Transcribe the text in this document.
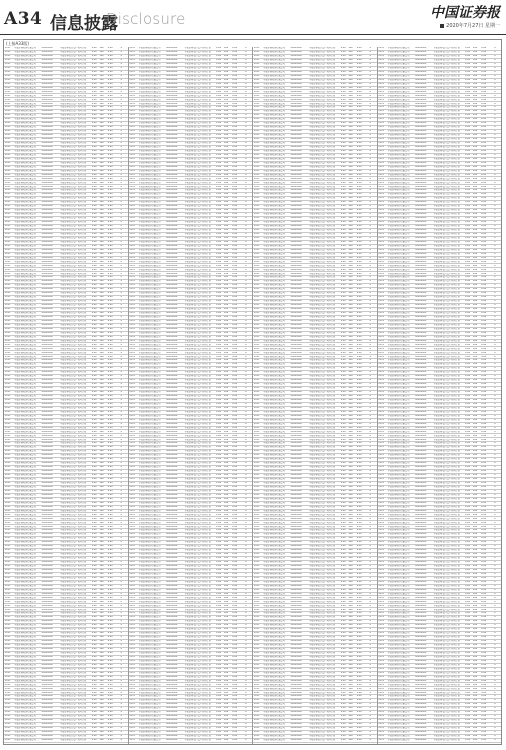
A34 信息披露
Disclosure	中国证券报
2020年7月27日 星期一
(上接A33版)
0001	华安证券股份有限公司	00000000	华安证券集合资产管理计划	2.26	100	0.00	0
0001	华安证券股份有限公司	00000000	华安证券集合资产管理计划	2.26	100	0.00	0
0001	华安证券股份有限公司	00000000	华安证券集合资产管理计划	2.26	100	0.00	0
0001	华安证券股份有限公司	00000000	华安证券集合资产管理计划	2.26	100	0.00	0
0001	华安证券股份有限公司	00000000	华安证券集合资产管理计划	2.26	100	0.00	0
0001	华安证券股份有限公司	00000000	华安证券集合资产管理计划	2.26	100	0.00	0
0001	华安证券股份有限公司	00000000	华安证券集合资产管理计划	2.26	100	0.00	0
0001	华安证券股份有限公司	00000000	华安证券集合资产管理计划	2.26	100	0.00	0
0001	华安证券股份有限公司	00000000	华安证券集合资产管理计划	2.26	100	0.00	0
0001	华安证券股份有限公司	00000000	华安证券集合资产管理计划	2.26	100	0.00	0
0001	华安证券股份有限公司	00000000	华安证券集合资产管理计划	2.26	100	0.00	0
0001	华安证券股份有限公司	00000000	华安证券集合资产管理计划	2.26	100	0.00	0
0001	华安证券股份有限公司	00000000	华安证券集合资产管理计划	2.26	100	0.00	0
0001	华安证券股份有限公司	00000000	华安证券集合资产管理计划	2.26	100	0.00	0
0001	华安证券股份有限公司	00000000	华安证券集合资产管理计划	2.26	100	0.00	0
0001	华安证券股份有限公司	00000000	华安证券集合资产管理计划	2.26	100	0.00	0
0001	华安证券股份有限公司	00000000	华安证券集合资产管理计划	2.26	100	0.00	0
0001	华安证券股份有限公司	00000000	华安证券集合资产管理计划	2.26	100	0.00	0
0001	华安证券股份有限公司	00000000	华安证券集合资产管理计划	2.26	100	0.00	0
0001	华安证券股份有限公司	00000000	华安证券集合资产管理计划	2.26	100	0.00	0
0001	华安证券股份有限公司	00000000	华安证券集合资产管理计划	2.26	100	0.00	0
0001	华安证券股份有限公司	00000000	华安证券集合资产管理计划	2.26	100	0.00	0
0001	华安证券股份有限公司	00000000	华安证券集合资产管理计划	2.26	100	0.00	0
0001	华安证券股份有限公司	00000000	华安证券集合资产管理计划	2.26	100	0.00	0
0001	华安证券股份有限公司	00000000	华安证券集合资产管理计划	2.26	100	0.00	0
0001	华安证券股份有限公司	00000000	华安证券集合资产管理计划	2.26	100	0.00	0
0001	华安证券股份有限公司	00000000	华安证券集合资产管理计划	2.26	100	0.00	0
0001	华安证券股份有限公司	00000000	华安证券集合资产管理计划	2.26	100	0.00	0
0001	华安证券股份有限公司	00000000	华安证券集合资产管理计划	2.26	100	0.00	0
0001	华安证券股份有限公司	00000000	华安证券集合资产管理计划	2.26	100	0.00	0
0001	华安证券股份有限公司	00000000	华安证券集合资产管理计划	2.26	100	0.00	0
0001	华安证券股份有限公司	00000000	华安证券集合资产管理计划	2.26	100	0.00	0
0001	华安证券股份有限公司	00000000	华安证券集合资产管理计划	2.26	100	0.00	0
0001	华安证券股份有限公司	00000000	华安证券集合资产管理计划	2.26	100	0.00	0
0001	华安证券股份有限公司	00000000	华安证券集合资产管理计划	2.26	100	0.00	0
0001	华安证券股份有限公司	00000000	华安证券集合资产管理计划	2.26	100	0.00	0
0001	华安证券股份有限公司	00000000	华安证券集合资产管理计划	2.26	100	0.00	0
0001	华安证券股份有限公司	00000000	华安证券集合资产管理计划	2.26	100	0.00	0
0001	华安证券股份有限公司	00000000	华安证券集合资产管理计划	2.26	100	0.00	0
0001	华安证券股份有限公司	00000000	华安证券集合资产管理计划	2.26	100	0.00	0
0001	华安证券股份有限公司	00000000	华安证券集合资产管理计划	2.26	100	0.00	0
0001	华安证券股份有限公司	00000000	华安证券集合资产管理计划	2.26	100	0.00	0
0001	华安证券股份有限公司	00000000	华安证券集合资产管理计划	2.26	100	0.00	0
0001	华安证券股份有限公司	00000000	华安证券集合资产管理计划	2.26	100	0.00	0
0001	华安证券股份有限公司	00000000	华安证券集合资产管理计划	2.26	100	0.00	0
0001	华安证券股份有限公司	00000000	华安证券集合资产管理计划	2.26	100	0.00	0
0001	华安证券股份有限公司	00000000	华安证券集合资产管理计划	2.26	100	0.00	0
0001	华安证券股份有限公司	00000000	华安证券集合资产管理计划	2.26	100	0.00	0
0001	华安证券股份有限公司	00000000	华安证券集合资产管理计划	2.26	100	0.00	0
0001	华安证券股份有限公司	00000000	华安证券集合资产管理计划	2.26	100	0.00	0
0001	华安证券股份有限公司	00000000	华安证券集合资产管理计划	2.26	100	0.00	0
0001	华安证券股份有限公司	00000000	华安证券集合资产管理计划	2.26	100	0.00	0
0001	华安证券股份有限公司	00000000	华安证券集合资产管理计划	2.26	100	0.00	0
0001	华安证券股份有限公司	00000000	华安证券集合资产管理计划	2.26	100	0.00	0
0001	华安证券股份有限公司	00000000	华安证券集合资产管理计划	2.26	100	0.00	0
0001	华安证券股份有限公司	00000000	华安证券集合资产管理计划	2.26	100	0.00	0
0001	华安证券股份有限公司	00000000	华安证券集合资产管理计划	2.26	100	0.00	0
0001	华安证券股份有限公司	00000000	华安证券集合资产管理计划	2.26	100	0.00	0
0001	华安证券股份有限公司	00000000	华安证券集合资产管理计划	2.26	100	0.00	0
0001	华安证券股份有限公司	00000000	华安证券集合资产管理计划	2.26	100	0.00	0
0001	华安证券股份有限公司	00000000	华安证券集合资产管理计划	2.26	100	0.00	0
0001	华安证券股份有限公司	00000000	华安证券集合资产管理计划	2.26	100	0.00	0
0001	华安证券股份有限公司	00000000	华安证券集合资产管理计划	2.26	100	0.00	0
0001	华安证券股份有限公司	00000000	华安证券集合资产管理计划	2.26	100	0.00	0
0001	华安证券股份有限公司	00000000	华安证券集合资产管理计划	2.26	100	0.00	0
0001	华安证券股份有限公司	00000000	华安证券集合资产管理计划	2.26	100	0.00	0
0001	华安证券股份有限公司	00000000	华安证券集合资产管理计划	2.26	100	0.00	0
0001	华安证券股份有限公司	00000000	华安证券集合资产管理计划	2.26	100	0.00	0
0001	华安证券股份有限公司	00000000	华安证券集合资产管理计划	2.26	100	0.00	0
0001	华安证券股份有限公司	00000000	华安证券集合资产管理计划	2.26	100	0.00	0
0001	华安证券股份有限公司	00000000	华安证券集合资产管理计划	2.26	100	0.00	0
0001	华安证券股份有限公司	00000000	华安证券集合资产管理计划	2.26	100	0.00	0
0001	华安证券股份有限公司	00000000	华安证券集合资产管理计划	2.26	100	0.00	0
0001	华安证券股份有限公司	00000000	华安证券集合资产管理计划	2.26	100	0.00	0
0001	华安证券股份有限公司	00000000	华安证券集合资产管理计划	2.26	100	0.00	0
0001	华安证券股份有限公司	00000000	华安证券集合资产管理计划	2.26	100	0.00	0
0001	华安证券股份有限公司	00000000	华安证券集合资产管理计划	2.26	100	0.00	0
0001	华安证券股份有限公司	00000000	华安证券集合资产管理计划	2.26	100	0.00	0
0001	华安证券股份有限公司	00000000	华安证券集合资产管理计划	2.26	100	0.00	0
0001	华安证券股份有限公司	00000000	华安证券集合资产管理计划	2.26	100	0.00	0
0001	华安证券股份有限公司	00000000	华安证券集合资产管理计划	2.26	100	0.00	0
0001	华安证券股份有限公司	00000000	华安证券集合资产管理计划	2.26	100	0.00	0
0001	华安证券股份有限公司	00000000	华安证券集合资产管理计划	2.26	100	0.00	0
0001	华安证券股份有限公司	00000000	华安证券集合资产管理计划	2.26	100	0.00	0
0001	华安证券股份有限公司	00000000	华安证券集合资产管理计划	2.26	100	0.00	0
0001	华安证券股份有限公司	00000000	华安证券集合资产管理计划	2.26	100	0.00	0
0001	华安证券股份有限公司	00000000	华安证券集合资产管理计划	2.26	100	0.00	0
0001	华安证券股份有限公司	00000000	华安证券集合资产管理计划	2.26	100	0.00	0
0001	华安证券股份有限公司	00000000	华安证券集合资产管理计划	2.26	100	0.00	0
0001	华安证券股份有限公司	00000000	华安证券集合资产管理计划	2.26	100	0.00	0
0001	华安证券股份有限公司	00000000	华安证券集合资产管理计划	2.26	100	0.00	0
0001	华安证券股份有限公司	00000000	华安证券集合资产管理计划	2.26	100	0.00	0
0001	华安证券股份有限公司	00000000	华安证券集合资产管理计划	2.26	100	0.00	0
0001	华安证券股份有限公司	00000000	华安证券集合资产管理计划	2.26	100	0.00	0
0001	华安证券股份有限公司	00000000	华安证券集合资产管理计划	2.26	100	0.00	0
0001	华安证券股份有限公司	00000000	华安证券集合资产管理计划	2.26	100	0.00	0
0001	华安证券股份有限公司	00000000	华安证券集合资产管理计划	2.26	100	0.00	0
0001	华安证券股份有限公司	00000000	华安证券集合资产管理计划	2.26	100	0.00	0
0001	华安证券股份有限公司	00000000	华安证券集合资产管理计划	2.26	100	0.00	0
0001	华安证券股份有限公司	00000000	华安证券集合资产管理计划	2.26	100	0.00	0
0001	华安证券股份有限公司	00000000	华安证券集合资产管理计划	2.26	100	0.00	0
0001	华安证券股份有限公司	00000000	华安证券集合资产管理计划	2.26	100	0.00	0
0001	华安证券股份有限公司	00000000	华安证券集合资产管理计划	2.26	100	0.00	0
0001	华安证券股份有限公司	00000000	华安证券集合资产管理计划	2.26	100	0.00	0
0001	华安证券股份有限公司	00000000	华安证券集合资产管理计划	2.26	100	0.00	0
0001	华安证券股份有限公司	00000000	华安证券集合资产管理计划	2.26	100	0.00	0
0001	华安证券股份有限公司	00000000	华安证券集合资产管理计划	2.26	100	0.00	0
0001	华安证券股份有限公司	00000000	华安证券集合资产管理计划	2.26	100	0.00	0
0001	华安证券股份有限公司	00000000	华安证券集合资产管理计划	2.26	100	0.00	0
0001	华安证券股份有限公司	00000000	华安证券集合资产管理计划	2.26	100	0.00	0
0001	华安证券股份有限公司	00000000	华安证券集合资产管理计划	2.26	100	0.00	0
0001	华安证券股份有限公司	00000000	华安证券集合资产管理计划	2.26	100	0.00	0
0001	华安证券股份有限公司	00000000	华安证券集合资产管理计划	2.26	100	0.00	0
0001	华安证券股份有限公司	00000000	华安证券集合资产管理计划	2.26	100	0.00	0
0001	华安证券股份有限公司	00000000	华安证券集合资产管理计划	2.26	100	0.00	0
0001	华安证券股份有限公司	00000000	华安证券集合资产管理计划	2.26	100	0.00	0
0001	华安证券股份有限公司	00000000	华安证券集合资产管理计划	2.26	100	0.00	0
0001	华安证券股份有限公司	00000000	华安证券集合资产管理计划	2.26	100	0.00	0
0001	华安证券股份有限公司	00000000	华安证券集合资产管理计划	2.26	100	0.00	0
0001	华安证券股份有限公司	00000000	华安证券集合资产管理计划	2.26	100	0.00	0
0001	华安证券股份有限公司	00000000	华安证券集合资产管理计划	2.26	100	0.00	0
0001	华安证券股份有限公司	00000000	华安证券集合资产管理计划	2.26	100	0.00	0
0001	华安证券股份有限公司	00000000	华安证券集合资产管理计划	2.26	100	0.00	0
0001	华安证券股份有限公司	00000000	华安证券集合资产管理计划	2.26	100	0.00	0
0001	华安证券股份有限公司	00000000	华安证券集合资产管理计划	2.26	100	0.00	0
0001	华安证券股份有限公司	00000000	华安证券集合资产管理计划	2.26	100	0.00	0
0001	华安证券股份有限公司	00000000	华安证券集合资产管理计划	2.26	100	0.00	0
0001	华安证券股份有限公司	00000000	华安证券集合资产管理计划	2.26	100	0.00	0
0001	华安证券股份有限公司	00000000	华安证券集合资产管理计划	2.26	100	0.00	0
0001	华安证券股份有限公司	00000000	华安证券集合资产管理计划	2.26	100	0.00	0
0001	华安证券股份有限公司	00000000	华安证券集合资产管理计划	2.26	100	0.00	0
0001	华安证券股份有限公司	00000000	华安证券集合资产管理计划	2.26	100	0.00	0
0001	华安证券股份有限公司	00000000	华安证券集合资产管理计划	2.26	100	0.00	0
0001	华安证券股份有限公司	00000000	华安证券集合资产管理计划	2.26	100	0.00	0
0001	华安证券股份有限公司	00000000	华安证券集合资产管理计划	2.26	100	0.00	0
0001	华安证券股份有限公司	00000000	华安证券集合资产管理计划	2.26	100	0.00	0
0001	华安证券股份有限公司	00000000	华安证券集合资产管理计划	2.26	100	0.00	0
0001	华安证券股份有限公司	00000000	华安证券集合资产管理计划	2.26	100	0.00	0
0001	华安证券股份有限公司	00000000	华安证券集合资产管理计划	2.26	100	0.00	0
0001	华安证券股份有限公司	00000000	华安证券集合资产管理计划	2.26	100	0.00	0
0001	华安证券股份有限公司	00000000	华安证券集合资产管理计划	2.26	100	0.00	0
0001	华安证券股份有限公司	00000000	华安证券集合资产管理计划	2.26	100	0.00	0
0001	华安证券股份有限公司	00000000	华安证券集合资产管理计划	2.26	100	0.00	0
0001	华安证券股份有限公司	00000000	华安证券集合资产管理计划	2.26	100	0.00	0
0001	华安证券股份有限公司	00000000	华安证券集合资产管理计划	2.26	100	0.00	0
0001	华安证券股份有限公司	00000000	华安证券集合资产管理计划	2.26	100	0.00	0
0001	华安证券股份有限公司	00000000	华安证券集合资产管理计划	2.26	100	0.00	0
0001	华安证券股份有限公司	00000000	华安证券集合资产管理计划	2.26	100	0.00	0
0001	华安证券股份有限公司	00000000	华安证券集合资产管理计划	2.26	100	0.00	0
0001	华安证券股份有限公司	00000000	华安证券集合资产管理计划	2.26	100	0.00	0
0001	华安证券股份有限公司	00000000	华安证券集合资产管理计划	2.26	100	0.00	0
0001	华安证券股份有限公司	00000000	华安证券集合资产管理计划	2.26	100	0.00	0
0001	华安证券股份有限公司	00000000	华安证券集合资产管理计划	2.26	100	0.00	0
0001	华安证券股份有限公司	00000000	华安证券集合资产管理计划	2.26	100	0.00	0
0001	华安证券股份有限公司	00000000	华安证券集合资产管理计划	2.26	100	0.00	0
0001	华安证券股份有限公司	00000000	华安证券集合资产管理计划	2.26	100	0.00	0
0001	华安证券股份有限公司	00000000	华安证券集合资产管理计划	2.26	100	0.00	0
0001	华安证券股份有限公司	00000000	华安证券集合资产管理计划	2.26	100	0.00	0
0001	华安证券股份有限公司	00000000	华安证券集合资产管理计划	2.26	100	0.00	0
0001	华安证券股份有限公司	00000000	华安证券集合资产管理计划	2.26	100	0.00	0
0001	华安证券股份有限公司	00000000	华安证券集合资产管理计划	2.26	100	0.00	0
0001	华安证券股份有限公司	00000000	华安证券集合资产管理计划	2.26	100	0.00	0
0001	华安证券股份有限公司	00000000	华安证券集合资产管理计划	2.26	100	0.00	0
0001	华安证券股份有限公司	00000000	华安证券集合资产管理计划	2.26	100	0.00	0
0001	华安证券股份有限公司	00000000	华安证券集合资产管理计划	2.26	100	0.00	0
0001	华安证券股份有限公司	00000000	华安证券集合资产管理计划	2.26	100	0.00	0
0001	华安证券股份有限公司	00000000	华安证券集合资产管理计划	2.26	100	0.00	0
0001	华安证券股份有限公司	00000000	华安证券集合资产管理计划	2.26	100	0.00	0
0001	华安证券股份有限公司	00000000	华安证券集合资产管理计划	2.26	100	0.00	0
0001	华安证券股份有限公司	00000000	华安证券集合资产管理计划	2.26	100	0.00	0
0001	华安证券股份有限公司	00000000	华安证券集合资产管理计划	2.26	100	0.00	0
0001	华安证券股份有限公司	00000000	华安证券集合资产管理计划	2.26	100	0.00	0
0001	华安证券股份有限公司	00000000	华安证券集合资产管理计划	2.26	100	0.00	0
0001	华安证券股份有限公司	00000000	华安证券集合资产管理计划	2.26	100	0.00	0
0001	华安证券股份有限公司	00000000	华安证券集合资产管理计划	2.26	100	0.00	0
0001	华安证券股份有限公司	00000000	华安证券集合资产管理计划	2.26	100	0.00	0
0001	华安证券股份有限公司	00000000	华安证券集合资产管理计划	2.26	100	0.00	0
0001	华安证券股份有限公司	00000000	华安证券集合资产管理计划	2.26	100	0.00	0
0001	华安证券股份有限公司	00000000	华安证券集合资产管理计划	2.26	100	0.00	0
0001	华安证券股份有限公司	00000000	华安证券集合资产管理计划	2.26	100	0.00	0
0001	华安证券股份有限公司	00000000	华安证券集合资产管理计划	2.26	100	0.00	0
0001	华安证券股份有限公司	00000000	华安证券集合资产管理计划	2.26	100	0.00	0
0001	华安证券股份有限公司	00000000	华安证券集合资产管理计划	2.26	100	0.00	0
0001	华安证券股份有限公司	00000000	华安证券集合资产管理计划	2.26	100	0.00	0
0001	华安证券股份有限公司	00000000	华安证券集合资产管理计划	2.26	100	0.00	0
0001	华安证券股份有限公司	00000000	华安证券集合资产管理计划	2.26	100	0.00	0
0001	华安证券股份有限公司	00000000	华安证券集合资产管理计划	2.26	100	0.00	0
0001	华安证券股份有限公司	00000000	华安证券集合资产管理计划	2.26	100	0.00	0
0001	华安证券股份有限公司	00000000	华安证券集合资产管理计划	2.26	100	0.00	0
0001	华安证券股份有限公司	00000000	华安证券集合资产管理计划	2.26	100	0.00	0
0001	华安证券股份有限公司	00000000	华安证券集合资产管理计划	2.26	100	0.00	0
0001	华安证券股份有限公司	00000000	华安证券集合资产管理计划	2.26	100	0.00	0
0001	华安证券股份有限公司	00000000	华安证券集合资产管理计划	2.26	100	0.00	0
0001	华安证券股份有限公司	00000000	华安证券集合资产管理计划	2.26	100	0.00	0
0001	华安证券股份有限公司	00000000	华安证券集合资产管理计划	2.26	100	0.00	0
0001	华安证券股份有限公司	00000000	华安证券集合资产管理计划	2.26	100	0.00	0
0001	华安证券股份有限公司	00000000	华安证券集合资产管理计划	2.26	100	0.00	0
0001	华安证券股份有限公司	00000000	华安证券集合资产管理计划	2.26	100	0.00	0
0001	华安证券股份有限公司	00000000	华安证券集合资产管理计划	2.26	100	0.00	0
0001	华安证券股份有限公司	00000000	华安证券集合资产管理计划	2.26	100	0.00	0
0001	华安证券股份有限公司	00000000	华安证券集合资产管理计划	2.26	100	0.00	0
0001	华安证券股份有限公司	00000000	华安证券集合资产管理计划	2.26	100	0.00	0
0001	华安证券股份有限公司	00000000	华安证券集合资产管理计划	2.26	100	0.00	0
0001	华安证券股份有限公司	00000000	华安证券集合资产管理计划	2.26	100	0.00	0
0001	华安证券股份有限公司	00000000	华安证券集合资产管理计划	2.26	100	0.00	0
0001	华安证券股份有限公司	00000000	华安证券集合资产管理计划	2.26	100	0.00	0
0001	华安证券股份有限公司	00000000	华安证券集合资产管理计划	2.26	100	0.00	0
0001	华安证券股份有限公司	00000000	华安证券集合资产管理计划	2.26	100	0.00	0
0001	华安证券股份有限公司	00000000	华安证券集合资产管理计划	2.26	100	0.00	0
0001	华安证券股份有限公司	00000000	华安证券集合资产管理计划	2.26	100	0.00	0
0001	华安证券股份有限公司	00000000	华安证券集合资产管理计划	2.26	100	0.00	0
0001	华安证券股份有限公司	00000000	华安证券集合资产管理计划	2.26	100	0.00	0
0001	华安证券股份有限公司	00000000	华安证券集合资产管理计划	2.26	100	0.00	0
0001	华安证券股份有限公司	00000000	华安证券集合资产管理计划	2.26	100	0.00	0
0001	华安证券股份有限公司	00000000	华安证券集合资产管理计划	2.26	100	0.00	0
0001	华安证券股份有限公司	00000000	华安证券集合资产管理计划	2.26	100	0.00	0
0001	华安证券股份有限公司	00000000	华安证券集合资产管理计划	2.26	100	0.00	0
0001	华安证券股份有限公司	00000000	华安证券集合资产管理计划	2.26	100	0.00	0
0001	华安证券股份有限公司	00000000	华安证券集合资产管理计划	2.26	100	0.00	0
0001	华安证券股份有限公司	00000000	华安证券集合资产管理计划	2.26	100	0.00	0
0001	华安证券股份有限公司	00000000	华安证券集合资产管理计划	2.26	100	0.00	0
0001	华安证券股份有限公司	00000000	华安证券集合资产管理计划	2.26	100	0.00	0
0001	华安证券股份有限公司	00000000	华安证券集合资产管理计划	2.26	100	0.00	0
0001	华安证券股份有限公司	00000000	华安证券集合资产管理计划	2.26	100	0.00	0
0001	华安证券股份有限公司	00000000	华安证券集合资产管理计划	2.26	100	0.00	0
0001	华安证券股份有限公司	00000000	华安证券集合资产管理计划	2.26	100	0.00	0
0001	华安证券股份有限公司	00000000	华安证券集合资产管理计划	2.26	100	0.00	0
0001	华安证券股份有限公司	00000000	华安证券集合资产管理计划	2.26	100	0.00	0
0001	华安证券股份有限公司	00000000	华安证券集合资产管理计划	2.26	100	0.00	0
0001	华安证券股份有限公司	00000000	华安证券集合资产管理计划	2.26	100	0.00	0
0001	华安证券股份有限公司	00000000	华安证券集合资产管理计划	2.26	100	0.00	0
0001	华安证券股份有限公司	00000000	华安证券集合资产管理计划	2.26	100	0.00	0
0001	华安证券股份有限公司	00000000	华安证券集合资产管理计划	2.26	100	0.00	0
0001	华安证券股份有限公司	00000000	华安证券集合资产管理计划	2.26	100	0.00	0
0001	华安证券股份有限公司	00000000	华安证券集合资产管理计划	2.26	100	0.00	0
0001	华安证券股份有限公司	00000000	华安证券集合资产管理计划	2.26	100	0.00	0
0001	华安证券股份有限公司	00000000	华安证券集合资产管理计划	2.26	100	0.00	0
0001	华安证券股份有限公司	00000000	华安证券集合资产管理计划	2.26	100	0.00	0
0001	华安证券股份有限公司	00000000	华安证券集合资产管理计划	2.26	100	0.00	0
0001	华安证券股份有限公司	00000000	华安证券集合资产管理计划	2.26	100	0.00	0
0001	华安证券股份有限公司	00000000	华安证券集合资产管理计划	2.26	100	0.00	0
0001	华安证券股份有限公司	00000000	华安证券集合资产管理计划	2.26	100	0.00	0
0001	华安证券股份有限公司	00000000	华安证券集合资产管理计划	2.26	100	0.00	0
0001	华安证券股份有限公司	00000000	华安证券集合资产管理计划	2.26	100	0.00	0
0001	华安证券股份有限公司	00000000	华安证券集合资产管理计划	2.26	100	0.00	0
0001	华安证券股份有限公司	00000000	华安证券集合资产管理计划	2.26	100	0.00	0
0001	华安证券股份有限公司	00000000	华安证券集合资产管理计划	2.26	100	0.00	0
0001	华安证券股份有限公司	00000000	华安证券集合资产管理计划	2.26	100	0.00	0
0001	华安证券股份有限公司	00000000	华安证券集合资产管理计划	2.26	100	0.00	0
0001	华安证券股份有限公司	00000000	华安证券集合资产管理计划	2.26	100	0.00	0
0001	华安证券股份有限公司	00000000	华安证券集合资产管理计划	2.26	100	0.00	0
0001	华安证券股份有限公司	00000000	华安证券集合资产管理计划	2.26	100	0.00	0
0001	华安证券股份有限公司	00000000	华安证券集合资产管理计划	2.26	100	0.00	0
0001	华安证券股份有限公司	00000000	华安证券集合资产管理计划	2.26	100	0.00	0
0001	华安证券股份有限公司	00000000	华安证券集合资产管理计划	2.26	100	0.00	0
0001	华安证券股份有限公司	00000000	华安证券集合资产管理计划	2.26	100	0.00	0
0001	华安证券股份有限公司	00000000	华安证券集合资产管理计划	2.26	100	0.00	0
0001	华安证券股份有限公司	00000000	华安证券集合资产管理计划	2.26	100	0.00	0
0001	华安证券股份有限公司	00000000	华安证券集合资产管理计划	2.26	100	0.00	0
0001	华安证券股份有限公司	00000000	华安证券集合资产管理计划	2.26	100	0.00	0
0001	华安证券股份有限公司	00000000	华安证券集合资产管理计划	2.26	100	0.00	0
0001	华安证券股份有限公司	00000000	华安证券集合资产管理计划	2.26	100	0.00	0
0001	华安证券股份有限公司	00000000	华安证券集合资产管理计划	2.26	100	0.00	0
0001	华安证券股份有限公司	00000000	华安证券集合资产管理计划	2.26	100	0.00	0
0001	华安证券股份有限公司	00000000	华安证券集合资产管理计划	2.26	100	0.00	0
0001	华安证券股份有限公司	00000000	华安证券集合资产管理计划	2.26	100	0.00	0
0001	华安证券股份有限公司	00000000	华安证券集合资产管理计划	2.26	100	0.00	0
0001	华安证券股份有限公司	00000000	华安证券集合资产管理计划	2.26	100	0.00	0
0001	华安证券股份有限公司	00000000	华安证券集合资产管理计划	2.26	100	0.00	0
0001	华安证券股份有限公司	00000000	华安证券集合资产管理计划	2.26	100	0.00	0
0001	华安证券股份有限公司	00000000	华安证券集合资产管理计划	2.26	100	0.00	0
0001	华安证券股份有限公司	00000000	华安证券集合资产管理计划	2.26	100	0.00	0
0001	华安证券股份有限公司	00000000	华安证券集合资产管理计划	2.26	100	0.00	0
0001	华安证券股份有限公司	00000000	华安证券集合资产管理计划	2.26	100	0.00	0
0001	华安证券股份有限公司	00000000	华安证券集合资产管理计划	2.26	100	0.00	0
0001	华安证券股份有限公司	00000000	华安证券集合资产管理计划	2.26	100	0.00	0
0001	华安证券股份有限公司	00000000	华安证券集合资产管理计划	2.26	100	0.00	0
0001	华安证券股份有限公司	00000000	华安证券集合资产管理计划	2.26	100	0.00	0
0001	华安证券股份有限公司	00000000	华安证券集合资产管理计划	2.26	100	0.00	0
0001	华安证券股份有限公司	00000000	华安证券集合资产管理计划	2.26	100	0.00	0
0001	华安证券股份有限公司	00000000	华安证券集合资产管理计划	2.26	100	0.00	0
0001	华安证券股份有限公司	00000000	华安证券集合资产管理计划	2.26	100	0.00	0
0001	华安证券股份有限公司	00000000	华安证券集合资产管理计划	2.26	100	0.00	0
0001	华安证券股份有限公司	00000000	华安证券集合资产管理计划	2.26	100	0.00	0
0001	华安证券股份有限公司	00000000	华安证券集合资产管理计划	2.26	100	0.00	0
0001	华安证券股份有限公司	00000000	华安证券集合资产管理计划	2.26	100	0.00	0
0001	华安证券股份有限公司	00000000	华安证券集合资产管理计划	2.26	100	0.00	0
0001	华安证券股份有限公司	00000000	华安证券集合资产管理计划	2.26	100	0.00	0
0001	华安证券股份有限公司	00000000	华安证券集合资产管理计划	2.26	100	0.00	0
0001	华安证券股份有限公司	00000000	华安证券集合资产管理计划	2.26	100	0.00	0
0001	华安证券股份有限公司	00000000	华安证券集合资产管理计划	2.26	100	0.00	0
0001	华安证券股份有限公司	00000000	华安证券集合资产管理计划	2.26	100	0.00	0
0001	华安证券股份有限公司	00000000	华安证券集合资产管理计划	2.26	100	0.00	0
0001	华安证券股份有限公司	00000000	华安证券集合资产管理计划	2.26	100	0.00	0
0001	华安证券股份有限公司	00000000	华安证券集合资产管理计划	2.26	100	0.00	0
0001	华安证券股份有限公司	00000000	华安证券集合资产管理计划	2.26	100	0.00	0
0001	华安证券股份有限公司	00000000	华安证券集合资产管理计划	2.26	100	0.00	0
0001	华安证券股份有限公司	00000000	华安证券集合资产管理计划	2.26	100	0.00	0
0001	华安证券股份有限公司	00000000	华安证券集合资产管理计划	2.26	100	0.00	0
0001	华安证券股份有限公司	00000000	华安证券集合资产管理计划	2.26	100	0.00	0
0001	华安证券股份有限公司	00000000	华安证券集合资产管理计划	2.26	100	0.00	0
0001	华安证券股份有限公司	00000000	华安证券集合资产管理计划	2.26	100	0.00	0
0001	华安证券股份有限公司	00000000	华安证券集合资产管理计划	2.26	100	0.00	0
0001	华安证券股份有限公司	00000000	华安证券集合资产管理计划	2.26	100	0.00	0
0001	华安证券股份有限公司	00000000	华安证券集合资产管理计划	2.26	100	0.00	0
0001	华安证券股份有限公司	00000000	华安证券集合资产管理计划	2.26	100	0.00	0
0001	华安证券股份有限公司	00000000	华安证券集合资产管理计划	2.26	100	0.00	0
0001	华安证券股份有限公司	00000000	华安证券集合资产管理计划	2.26	100	0.00	0
0001	华安证券股份有限公司	00000000	华安证券集合资产管理计划	2.26	100	0.00	0
0001	华安证券股份有限公司	00000000	华安证券集合资产管理计划	2.26	100	0.00	0
0001	华安证券股份有限公司	00000000	华安证券集合资产管理计划	2.26	100	0.00	0
0001	华安证券股份有限公司	00000000	华安证券集合资产管理计划	2.26	100	0.00	0
0001	华安证券股份有限公司	00000000	华安证券集合资产管理计划	2.26	100	0.00	0
0001	华安证券股份有限公司	00000000	华安证券集合资产管理计划	2.26	100	0.00	0
0001	华安证券股份有限公司	00000000	华安证券集合资产管理计划	2.26	100	0.00	0
0001	华安证券股份有限公司	00000000	华安证券集合资产管理计划	2.26	100	0.00	0
0001	华安证券股份有限公司	00000000	华安证券集合资产管理计划	2.26	100	0.00	0
0001	华安证券股份有限公司	00000000	华安证券集合资产管理计划	2.26	100	0.00	0
0001	华安证券股份有限公司	00000000	华安证券集合资产管理计划	2.26	100	0.00	0
0001	华安证券股份有限公司	00000000	华安证券集合资产管理计划	2.26	100	0.00	0
0001	华安证券股份有限公司	00000000	华安证券集合资产管理计划	2.26	100	0.00	0
0001	华安证券股份有限公司	00000000	华安证券集合资产管理计划	2.26	100	0.00	0
0001	华安证券股份有限公司	00000000	华安证券集合资产管理计划	2.26	100	0.00	0
0001	华安证券股份有限公司	00000000	华安证券集合资产管理计划	2.26	100	0.00	0
0001	华安证券股份有限公司	00000000	华安证券集合资产管理计划	2.26	100	0.00	0
0001	华安证券股份有限公司	00000000	华安证券集合资产管理计划	2.26	100	0.00	0
0001	华安证券股份有限公司	00000000	华安证券集合资产管理计划	2.26	100	0.00	0
0001	华安证券股份有限公司	00000000	华安证券集合资产管理计划	2.26	100	0.00	0
0001	华安证券股份有限公司	00000000	华安证券集合资产管理计划	2.26	100	0.00	0
0001	华安证券股份有限公司	00000000	华安证券集合资产管理计划	2.26	100	0.00	0
0001	华安证券股份有限公司	00000000	华安证券集合资产管理计划	2.26	100	0.00	0
0001	华安证券股份有限公司	00000000	华安证券集合资产管理计划	2.26	100	0.00	0
0001	华安证券股份有限公司	00000000	华安证券集合资产管理计划	2.26	100	0.00	0
0001	华安证券股份有限公司	00000000	华安证券集合资产管理计划	2.26	100	0.00	0
0001	华安证券股份有限公司	00000000	华安证券集合资产管理计划	2.26	100	0.00	0
0001	华安证券股份有限公司	00000000	华安证券集合资产管理计划	2.26	100	0.00	0
0001	华安证券股份有限公司	00000000	华安证券集合资产管理计划	2.26	100	0.00	0
0001	华安证券股份有限公司	00000000	华安证券集合资产管理计划	2.26	100	0.00	0
0001	华安证券股份有限公司	00000000	华安证券集合资产管理计划	2.26	100	0.00	0
0001	华安证券股份有限公司	00000000	华安证券集合资产管理计划	2.26	100	0.00	0
0001	华安证券股份有限公司	00000000	华安证券集合资产管理计划	2.26	100	0.00	0
0001	华安证券股份有限公司	00000000	华安证券集合资产管理计划	2.26	100	0.00	0
0001	华安证券股份有限公司	00000000	华安证券集合资产管理计划	2.26	100	0.00	0
0001	华安证券股份有限公司	00000000	华安证券集合资产管理计划	2.26	100	0.00	0
0001	华安证券股份有限公司	00000000	华安证券集合资产管理计划	2.26	100	0.00	0
0001	华安证券股份有限公司	00000000	华安证券集合资产管理计划	2.26	100	0.00	0
0001	华安证券股份有限公司	00000000	华安证券集合资产管理计划	2.26	100	0.00	0
0001	华安证券股份有限公司	00000000	华安证券集合资产管理计划	2.26	100	0.00	0
0001	华安证券股份有限公司	00000000	华安证券集合资产管理计划	2.26	100	0.00	0
0001	华安证券股份有限公司	00000000	华安证券集合资产管理计划	2.26	100	0.00	0
0001	华安证券股份有限公司	00000000	华安证券集合资产管理计划	2.26	100	0.00	0
0001	华安证券股份有限公司	00000000	华安证券集合资产管理计划	2.26	100	0.00	0
0001	华安证券股份有限公司	00000000	华安证券集合资产管理计划	2.26	100	0.00	0
0001	华安证券股份有限公司	00000000	华安证券集合资产管理计划	2.26	100	0.00	0
0001	华安证券股份有限公司	00000000	华安证券集合资产管理计划	2.26	100	0.00	0
0001	华安证券股份有限公司	00000000	华安证券集合资产管理计划	2.26	100	0.00	0
0001	华安证券股份有限公司	00000000	华安证券集合资产管理计划	2.26	100	0.00	0
0001	华安证券股份有限公司	00000000	华安证券集合资产管理计划	2.26	100	0.00	0
0001	华安证券股份有限公司	00000000	华安证券集合资产管理计划	2.26	100	0.00	0
0001	华安证券股份有限公司	00000000	华安证券集合资产管理计划	2.26	100	0.00	0
0001	华安证券股份有限公司	00000000	华安证券集合资产管理计划	2.26	100	0.00	0
0001	华安证券股份有限公司	00000000	华安证券集合资产管理计划	2.26	100	0.00	0
0001	华安证券股份有限公司	00000000	华安证券集合资产管理计划	2.26	100	0.00	0
0001	华安证券股份有限公司	00000000	华安证券集合资产管理计划	2.26	100	0.00	0
0001	华安证券股份有限公司	00000000	华安证券集合资产管理计划	2.26	100	0.00	0
0001	华安证券股份有限公司	00000000	华安证券集合资产管理计划	2.26	100	0.00	0
0001	华安证券股份有限公司	00000000	华安证券集合资产管理计划	2.26	100	0.00	0
0001	华安证券股份有限公司	00000000	华安证券集合资产管理计划	2.26	100	0.00	0
0001	华安证券股份有限公司	00000000	华安证券集合资产管理计划	2.26	100	0.00	0
0001	华安证券股份有限公司	00000000	华安证券集合资产管理计划	2.26	100	0.00	0
0001	华安证券股份有限公司	00000000	华安证券集合资产管理计划	2.26	100	0.00	0
0001	华安证券股份有限公司	00000000	华安证券集合资产管理计划	2.26	100	0.00	0
0001	华安证券股份有限公司	00000000	华安证券集合资产管理计划	2.26	100	0.00	0
0001	华安证券股份有限公司	00000000	华安证券集合资产管理计划	2.26	100	0.00	0
0001	华安证券股份有限公司	00000000	华安证券集合资产管理计划	2.26	100	0.00	0
0001	华安证券股份有限公司	00000000	华安证券集合资产管理计划	2.26	100	0.00	0
0001	华安证券股份有限公司	00000000	华安证券集合资产管理计划	2.26	100	0.00	0
0001	华安证券股份有限公司	00000000	华安证券集合资产管理计划	2.26	100	0.00	0
0001	华安证券股份有限公司	00000000	华安证券集合资产管理计划	2.26	100	0.00	0
0001	华安证券股份有限公司	00000000	华安证券集合资产管理计划	2.26	100	0.00	0
0001	华安证券股份有限公司	00000000	华安证券集合资产管理计划	2.26	100	0.00	0
0001	华安证券股份有限公司	00000000	华安证券集合资产管理计划	2.26	100	0.00	0
0001	华安证券股份有限公司	00000000	华安证券集合资产管理计划	2.26	100	0.00	0
0001	华安证券股份有限公司	00000000	华安证券集合资产管理计划	2.26	100	0.00	0
0001	华安证券股份有限公司	00000000	华安证券集合资产管理计划	2.26	100	0.00	0
0001	华安证券股份有限公司	00000000	华安证券集合资产管理计划	2.26	100	0.00	0
0001	华安证券股份有限公司	00000000	华安证券集合资产管理计划	2.26	100	0.00	0
0001	华安证券股份有限公司	00000000	华安证券集合资产管理计划	2.26	100	0.00	0
0001	华安证券股份有限公司	00000000	华安证券集合资产管理计划	2.26	100	0.00	0
0001	华安证券股份有限公司	00000000	华安证券集合资产管理计划	2.26	100	0.00	0
0001	华安证券股份有限公司	00000000	华安证券集合资产管理计划	2.26	100	0.00	0
0001	华安证券股份有限公司	00000000	华安证券集合资产管理计划	2.26	100	0.00	0
0001	华安证券股份有限公司	00000000	华安证券集合资产管理计划	2.26	100	0.00	0
0001	华安证券股份有限公司	00000000	华安证券集合资产管理计划	2.26	100	0.00	0
0001	华安证券股份有限公司	00000000	华安证券集合资产管理计划	2.26	100	0.00	0
0001	华安证券股份有限公司	00000000	华安证券集合资产管理计划	2.26	100	0.00	0
0001	华安证券股份有限公司	00000000	华安证券集合资产管理计划	2.26	100	0.00	0
0001	华安证券股份有限公司	00000000	华安证券集合资产管理计划	2.26	100	0.00	0
0001	华安证券股份有限公司	00000000	华安证券集合资产管理计划	2.26	100	0.00	0
0001	华安证券股份有限公司	00000000	华安证券集合资产管理计划	2.26	100	0.00	0
0001	华安证券股份有限公司	00000000	华安证券集合资产管理计划	2.26	100	0.00	0
0001	华安证券股份有限公司	00000000	华安证券集合资产管理计划	2.26	100	0.00	0
0001	华安证券股份有限公司	00000000	华安证券集合资产管理计划	2.26	100	0.00	0
0001	华安证券股份有限公司	00000000	华安证券集合资产管理计划	2.26	100	0.00	0
0001	华安证券股份有限公司	00000000	华安证券集合资产管理计划	2.26	100	0.00	0
0001	华安证券股份有限公司	00000000	华安证券集合资产管理计划	2.26	100	0.00	0
0001	华安证券股份有限公司	00000000	华安证券集合资产管理计划	2.26	100	0.00	0
0001	华安证券股份有限公司	00000000	华安证券集合资产管理计划	2.26	100	0.00	0
0001	华安证券股份有限公司	00000000	华安证券集合资产管理计划	2.26	100	0.00	0
0001	华安证券股份有限公司	00000000	华安证券集合资产管理计划	2.26	100	0.00	0
0001	华安证券股份有限公司	00000000	华安证券集合资产管理计划	2.26	100	0.00	0
0001	华安证券股份有限公司	00000000	华安证券集合资产管理计划	2.26	100	0.00	0
0001	华安证券股份有限公司	00000000	华安证券集合资产管理计划	2.26	100	0.00	0
0001	华安证券股份有限公司	00000000	华安证券集合资产管理计划	2.26	100	0.00	0
0001	华安证券股份有限公司	00000000	华安证券集合资产管理计划	2.26	100	0.00	0
0001	华安证券股份有限公司	00000000	华安证券集合资产管理计划	2.26	100	0.00	0
0001	华安证券股份有限公司	00000000	华安证券集合资产管理计划	2.26	100	0.00	0
0001	华安证券股份有限公司	00000000	华安证券集合资产管理计划	2.26	100	0.00	0
0001	华安证券股份有限公司	00000000	华安证券集合资产管理计划	2.26	100	0.00	0
0001	华安证券股份有限公司	00000000	华安证券集合资产管理计划	2.26	100	0.00	0
0001	华安证券股份有限公司	00000000	华安证券集合资产管理计划	2.26	100	0.00	0
0001	华安证券股份有限公司	00000000	华安证券集合资产管理计划	2.26	100	0.00	0
0001	华安证券股份有限公司	00000000	华安证券集合资产管理计划	2.26	100	0.00	0
0001	华安证券股份有限公司	00000000	华安证券集合资产管理计划	2.26	100	0.00	0
0001	华安证券股份有限公司	00000000	华安证券集合资产管理计划	2.26	100	0.00	0
0001	华安证券股份有限公司	00000000	华安证券集合资产管理计划	2.26	100	0.00	0
0001	华安证券股份有限公司	00000000	华安证券集合资产管理计划	2.26	100	0.00	0
0001	华安证券股份有限公司	00000000	华安证券集合资产管理计划	2.26	100	0.00	0
0001	华安证券股份有限公司	00000000	华安证券集合资产管理计划	2.26	100	0.00	0
0001	华安证券股份有限公司	00000000	华安证券集合资产管理计划	2.26	100	0.00	0
0001	华安证券股份有限公司	00000000	华安证券集合资产管理计划	2.26	100	0.00	0
0001	华安证券股份有限公司	00000000	华安证券集合资产管理计划	2.26	100	0.00	0
0001	华安证券股份有限公司	00000000	华安证券集合资产管理计划	2.26	100	0.00	0
0001	华安证券股份有限公司	00000000	华安证券集合资产管理计划	2.26	100	0.00	0
0001	华安证券股份有限公司	00000000	华安证券集合资产管理计划	2.26	100	0.00	0
0001	华安证券股份有限公司	00000000	华安证券集合资产管理计划	2.26	100	0.00	0
0001	华安证券股份有限公司	00000000	华安证券集合资产管理计划	2.26	100	0.00	0
0001	华安证券股份有限公司	00000000	华安证券集合资产管理计划	2.26	100	0.00	0
0001	华安证券股份有限公司	00000000	华安证券集合资产管理计划	2.26	100	0.00	0
0001	华安证券股份有限公司	00000000	华安证券集合资产管理计划	2.26	100	0.00	0
0001	华安证券股份有限公司	00000000	华安证券集合资产管理计划	2.26	100	0.00	0
0001	华安证券股份有限公司	00000000	华安证券集合资产管理计划	2.26	100	0.00	0
0001	华安证券股份有限公司	00000000	华安证券集合资产管理计划	2.26	100	0.00	0
0001	华安证券股份有限公司	00000000	华安证券集合资产管理计划	2.26	100	0.00	0
0001	华安证券股份有限公司	00000000	华安证券集合资产管理计划	2.26	100	0.00	0
0001	华安证券股份有限公司	00000000	华安证券集合资产管理计划	2.26	100	0.00	0
0001	华安证券股份有限公司	00000000	华安证券集合资产管理计划	2.26	100	0.00	0
0001	华安证券股份有限公司	00000000	华安证券集合资产管理计划	2.26	100	0.00	0
0001	华安证券股份有限公司	00000000	华安证券集合资产管理计划	2.26	100	0.00	0
0001	华安证券股份有限公司	00000000	华安证券集合资产管理计划	2.26	100	0.00	0
0001	华安证券股份有限公司	00000000	华安证券集合资产管理计划	2.26	100	0.00	0
0001	华安证券股份有限公司	00000000	华安证券集合资产管理计划	2.26	100	0.00	0
0001	华安证券股份有限公司	00000000	华安证券集合资产管理计划	2.26	100	0.00	0
0001	华安证券股份有限公司	00000000	华安证券集合资产管理计划	2.26	100	0.00	0
0001	华安证券股份有限公司	00000000	华安证券集合资产管理计划	2.26	100	0.00	0
0001	华安证券股份有限公司	00000000	华安证券集合资产管理计划	2.26	100	0.00	0
0001	华安证券股份有限公司	00000000	华安证券集合资产管理计划	2.26	100	0.00	0
0001	华安证券股份有限公司	00000000	华安证券集合资产管理计划	2.26	100	0.00	0
0001	华安证券股份有限公司	00000000	华安证券集合资产管理计划	2.26	100	0.00	0
0001	华安证券股份有限公司	00000000	华安证券集合资产管理计划	2.26	100	0.00	0
0001	华安证券股份有限公司	00000000	华安证券集合资产管理计划	2.26	100	0.00	0
0001	华安证券股份有限公司	00000000	华安证券集合资产管理计划	2.26	100	0.00	0
0001	华安证券股份有限公司	00000000	华安证券集合资产管理计划	2.26	100	0.00	0
0001	华安证券股份有限公司	00000000	华安证券集合资产管理计划	2.26	100	0.00	0
0001	华安证券股份有限公司	00000000	华安证券集合资产管理计划	2.26	100	0.00	0
0001	华安证券股份有限公司	00000000	华安证券集合资产管理计划	2.26	100	0.00	0
0001	华安证券股份有限公司	00000000	华安证券集合资产管理计划	2.26	100	0.00	0
0001	华安证券股份有限公司	00000000	华安证券集合资产管理计划	2.26	100	0.00	0
0001	华安证券股份有限公司	00000000	华安证券集合资产管理计划	2.26	100	0.00	0
0001	华安证券股份有限公司	00000000	华安证券集合资产管理计划	2.26	100	0.00	0
0001	华安证券股份有限公司	00000000	华安证券集合资产管理计划	2.26	100	0.00	0
0001	华安证券股份有限公司	00000000	华安证券集合资产管理计划	2.26	100	0.00	0
0001	华安证券股份有限公司	00000000	华安证券集合资产管理计划	2.26	100	0.00	0
0001	华安证券股份有限公司	00000000	华安证券集合资产管理计划	2.26	100	0.00	0
0001	华安证券股份有限公司	00000000	华安证券集合资产管理计划	2.26	100	0.00	0
0001	华安证券股份有限公司	00000000	华安证券集合资产管理计划	2.26	100	0.00	0
0001	华安证券股份有限公司	00000000	华安证券集合资产管理计划	2.26	100	0.00	0
0001	华安证券股份有限公司	00000000	华安证券集合资产管理计划	2.26	100	0.00	0
0001	华安证券股份有限公司	00000000	华安证券集合资产管理计划	2.26	100	0.00	0
0001	华安证券股份有限公司	00000000	华安证券集合资产管理计划	2.26	100	0.00	0
0001	华安证券股份有限公司	00000000	华安证券集合资产管理计划	2.26	100	0.00	0
0001	华安证券股份有限公司	00000000	华安证券集合资产管理计划	2.26	100	0.00	0
0001	华安证券股份有限公司	00000000	华安证券集合资产管理计划	2.26	100	0.00	0
0001	华安证券股份有限公司	00000000	华安证券集合资产管理计划	2.26	100	0.00	0
0001	华安证券股份有限公司	00000000	华安证券集合资产管理计划	2.26	100	0.00	0
0001	华安证券股份有限公司	00000000	华安证券集合资产管理计划	2.26	100	0.00	0
0001	华安证券股份有限公司	00000000	华安证券集合资产管理计划	2.26	100	0.00	0
0001	华安证券股份有限公司	00000000	华安证券集合资产管理计划	2.26	100	0.00	0
0001	华安证券股份有限公司	00000000	华安证券集合资产管理计划	2.26	100	0.00	0
0001	华安证券股份有限公司	00000000	华安证券集合资产管理计划	2.26	100	0.00	0
0001	华安证券股份有限公司	00000000	华安证券集合资产管理计划	2.26	100	0.00	0
0001	华安证券股份有限公司	00000000	华安证券集合资产管理计划	2.26	100	0.00	0
0001	华安证券股份有限公司	00000000	华安证券集合资产管理计划	2.26	100	0.00	0
0001	华安证券股份有限公司	00000000	华安证券集合资产管理计划	2.26	100	0.00	0
0001	华安证券股份有限公司	00000000	华安证券集合资产管理计划	2.26	100	0.00	0
0001	华安证券股份有限公司	00000000	华安证券集合资产管理计划	2.26	100	0.00	0
0001	华安证券股份有限公司	00000000	华安证券集合资产管理计划	2.26	100	0.00	0
0001	华安证券股份有限公司	00000000	华安证券集合资产管理计划	2.26	100	0.00	0
0001	华安证券股份有限公司	00000000	华安证券集合资产管理计划	2.26	100	0.00	0
0001	华安证券股份有限公司	00000000	华安证券集合资产管理计划	2.26	100	0.00	0
0001	华安证券股份有限公司	00000000	华安证券集合资产管理计划	2.26	100	0.00	0
0001	华安证券股份有限公司	00000000	华安证券集合资产管理计划	2.26	100	0.00	0
0001	华安证券股份有限公司	00000000	华安证券集合资产管理计划	2.26	100	0.00	0
0001	华安证券股份有限公司	00000000	华安证券集合资产管理计划	2.26	100	0.00	0
0001	华安证券股份有限公司	00000000	华安证券集合资产管理计划	2.26	100	0.00	0
0001	华安证券股份有限公司	00000000	华安证券集合资产管理计划	2.26	100	0.00	0
0001	华安证券股份有限公司	00000000	华安证券集合资产管理计划	2.26	100	0.00	0
0001	华安证券股份有限公司	00000000	华安证券集合资产管理计划	2.26	100	0.00	0
0001	华安证券股份有限公司	00000000	华安证券集合资产管理计划	2.26	100	0.00	0
0001	华安证券股份有限公司	00000000	华安证券集合资产管理计划	2.26	100	0.00	0
0001	华安证券股份有限公司	00000000	华安证券集合资产管理计划	2.26	100	0.00	0
0001	华安证券股份有限公司	00000000	华安证券集合资产管理计划	2.26	100	0.00	0
0001	华安证券股份有限公司	00000000	华安证券集合资产管理计划	2.26	100	0.00	0
0001	华安证券股份有限公司	00000000	华安证券集合资产管理计划	2.26	100	0.00	0
0001	华安证券股份有限公司	00000000	华安证券集合资产管理计划	2.26	100	0.00	0
0001	华安证券股份有限公司	00000000	华安证券集合资产管理计划	2.26	100	0.00	0
0001	华安证券股份有限公司	00000000	华安证券集合资产管理计划	2.26	100	0.00	0
0001	华安证券股份有限公司	00000000	华安证券集合资产管理计划	2.26	100	0.00	0
0001	华安证券股份有限公司	00000000	华安证券集合资产管理计划	2.26	100	0.00	0
0001	华安证券股份有限公司	00000000	华安证券集合资产管理计划	2.26	100	0.00	0
0001	华安证券股份有限公司	00000000	华安证券集合资产管理计划	2.26	100	0.00	0
0001	华安证券股份有限公司	00000000	华安证券集合资产管理计划	2.26	100	0.00	0
0001	华安证券股份有限公司	00000000	华安证券集合资产管理计划	2.26	100	0.00	0
0001	华安证券股份有限公司	00000000	华安证券集合资产管理计划	2.26	100	0.00	0
0001	华安证券股份有限公司	00000000	华安证券集合资产管理计划	2.26	100	0.00	0
0001	华安证券股份有限公司	00000000	华安证券集合资产管理计划	2.26	100	0.00	0
0001	华安证券股份有限公司	00000000	华安证券集合资产管理计划	2.26	100	0.00	0
0001	华安证券股份有限公司	00000000	华安证券集合资产管理计划	2.26	100	0.00	0
0001	华安证券股份有限公司	00000000	华安证券集合资产管理计划	2.26	100	0.00	0
0001	华安证券股份有限公司	00000000	华安证券集合资产管理计划	2.26	100	0.00	0
0001	华安证券股份有限公司	00000000	华安证券集合资产管理计划	2.26	100	0.00	0
0001	华安证券股份有限公司	00000000	华安证券集合资产管理计划	2.26	100	0.00	0
0001	华安证券股份有限公司	00000000	华安证券集合资产管理计划	2.26	100	0.00	0
0001	华安证券股份有限公司	00000000	华安证券集合资产管理计划	2.26	100	0.00	0
0001	华安证券股份有限公司	00000000	华安证券集合资产管理计划	2.26	100	0.00	0
0001	华安证券股份有限公司	00000000	华安证券集合资产管理计划	2.26	100	0.00	0
0001	华安证券股份有限公司	00000000	华安证券集合资产管理计划	2.26	100	0.00	0
0001	华安证券股份有限公司	00000000	华安证券集合资产管理计划	2.26	100	0.00	0
0001	华安证券股份有限公司	00000000	华安证券集合资产管理计划	2.26	100	0.00	0
0001	华安证券股份有限公司	00000000	华安证券集合资产管理计划	2.26	100	0.00	0
0001	华安证券股份有限公司	00000000	华安证券集合资产管理计划	2.26	100	0.00	0
0001	华安证券股份有限公司	00000000	华安证券集合资产管理计划	2.26	100	0.00	0
0001	华安证券股份有限公司	00000000	华安证券集合资产管理计划	2.26	100	0.00	0
0001	华安证券股份有限公司	00000000	华安证券集合资产管理计划	2.26	100	0.00	0
0001	华安证券股份有限公司	00000000	华安证券集合资产管理计划	2.26	100	0.00	0
0001	华安证券股份有限公司	00000000	华安证券集合资产管理计划	2.26	100	0.00	0
0001	华安证券股份有限公司	00000000	华安证券集合资产管理计划	2.26	100	0.00	0
0001	华安证券股份有限公司	00000000	华安证券集合资产管理计划	2.26	100	0.00	0
0001	华安证券股份有限公司	00000000	华安证券集合资产管理计划	2.26	100	0.00	0
0001	华安证券股份有限公司	00000000	华安证券集合资产管理计划	2.26	100	0.00	0
0001	华安证券股份有限公司	00000000	华安证券集合资产管理计划	2.26	100	0.00	0
0001	华安证券股份有限公司	00000000	华安证券集合资产管理计划	2.26	100	0.00	0
0001	华安证券股份有限公司	00000000	华安证券集合资产管理计划	2.26	100	0.00	0
0001	华安证券股份有限公司	00000000	华安证券集合资产管理计划	2.26	100	0.00	0
0001	华安证券股份有限公司	00000000	华安证券集合资产管理计划	2.26	100	0.00	0
0001	华安证券股份有限公司	00000000	华安证券集合资产管理计划	2.26	100	0.00	0
0001	华安证券股份有限公司	00000000	华安证券集合资产管理计划	2.26	100	0.00	0
0001	华安证券股份有限公司	00000000	华安证券集合资产管理计划	2.26	100	0.00	0
0001	华安证券股份有限公司	00000000	华安证券集合资产管理计划	2.26	100	0.00	0
0001	华安证券股份有限公司	00000000	华安证券集合资产管理计划	2.26	100	0.00	0
0001	华安证券股份有限公司	00000000	华安证券集合资产管理计划	2.26	100	0.00	0
0001	华安证券股份有限公司	00000000	华安证券集合资产管理计划	2.26	100	0.00	0
0001	华安证券股份有限公司	00000000	华安证券集合资产管理计划	2.26	100	0.00	0
0001	华安证券股份有限公司	00000000	华安证券集合资产管理计划	2.26	100	0.00	0
0001	华安证券股份有限公司	00000000	华安证券集合资产管理计划	2.26	100	0.00	0
0001	华安证券股份有限公司	00000000	华安证券集合资产管理计划	2.26	100	0.00	0
0001	华安证券股份有限公司	00000000	华安证券集合资产管理计划	2.26	100	0.00	0
0001	华安证券股份有限公司	00000000	华安证券集合资产管理计划	2.26	100	0.00	0
0001	华安证券股份有限公司	00000000	华安证券集合资产管理计划	2.26	100	0.00	0
0001	华安证券股份有限公司	00000000	华安证券集合资产管理计划	2.26	100	0.00	0
0001	华安证券股份有限公司	00000000	华安证券集合资产管理计划	2.26	100	0.00	0
0001	华安证券股份有限公司	00000000	华安证券集合资产管理计划	2.26	100	0.00	0
0001	华安证券股份有限公司	00000000	华安证券集合资产管理计划	2.26	100	0.00	0
0001	华安证券股份有限公司	00000000	华安证券集合资产管理计划	2.26	100	0.00	0
0001	华安证券股份有限公司	00000000	华安证券集合资产管理计划	2.26	100	0.00	0
0001	华安证券股份有限公司	00000000	华安证券集合资产管理计划	2.26	100	0.00	0
0001	华安证券股份有限公司	00000000	华安证券集合资产管理计划	2.26	100	0.00	0
0001	华安证券股份有限公司	00000000	华安证券集合资产管理计划	2.26	100	0.00	0
0001	华安证券股份有限公司	00000000	华安证券集合资产管理计划	2.26	100	0.00	0
0001	华安证券股份有限公司	00000000	华安证券集合资产管理计划	2.26	100	0.00	0
0001	华安证券股份有限公司	00000000	华安证券集合资产管理计划	2.26	100	0.00	0
0001	华安证券股份有限公司	00000000	华安证券集合资产管理计划	2.26	100	0.00	0
0001	华安证券股份有限公司	00000000	华安证券集合资产管理计划	2.26	100	0.00	0
0001	华安证券股份有限公司	00000000	华安证券集合资产管理计划	2.26	100	0.00	0
0001	华安证券股份有限公司	00000000	华安证券集合资产管理计划	2.26	100	0.00	0
0001	华安证券股份有限公司	00000000	华安证券集合资产管理计划	2.26	100	0.00	0
0001	华安证券股份有限公司	00000000	华安证券集合资产管理计划	2.26	100	0.00	0
0001	华安证券股份有限公司	00000000	华安证券集合资产管理计划	2.26	100	0.00	0
0001	华安证券股份有限公司	00000000	华安证券集合资产管理计划	2.26	100	0.00	0
0001	华安证券股份有限公司	00000000	华安证券集合资产管理计划	2.26	100	0.00	0
0001	华安证券股份有限公司	00000000	华安证券集合资产管理计划	2.26	100	0.00	0
0001	华安证券股份有限公司	00000000	华安证券集合资产管理计划	2.26	100	0.00	0
0001	华安证券股份有限公司	00000000	华安证券集合资产管理计划	2.26	100	0.00	0
0001	华安证券股份有限公司	00000000	华安证券集合资产管理计划	2.26	100	0.00	0
0001	华安证券股份有限公司	00000000	华安证券集合资产管理计划	2.26	100	0.00	0
0001	华安证券股份有限公司	00000000	华安证券集合资产管理计划	2.26	100	0.00	0
0001	华安证券股份有限公司	00000000	华安证券集合资产管理计划	2.26	100	0.00	0
0001	华安证券股份有限公司	00000000	华安证券集合资产管理计划	2.26	100	0.00	0
0001	华安证券股份有限公司	00000000	华安证券集合资产管理计划	2.26	100	0.00	0
0001	华安证券股份有限公司	00000000	华安证券集合资产管理计划	2.26	100	0.00	0
0001	华安证券股份有限公司	00000000	华安证券集合资产管理计划	2.26	100	0.00	0
0001	华安证券股份有限公司	00000000	华安证券集合资产管理计划	2.26	100	0.00	0
0001	华安证券股份有限公司	00000000	华安证券集合资产管理计划	2.26	100	0.00	0
0001	华安证券股份有限公司	00000000	华安证券集合资产管理计划	2.26	100	0.00	0
0001	华安证券股份有限公司	00000000	华安证券集合资产管理计划	2.26	100	0.00	0
0001	华安证券股份有限公司	00000000	华安证券集合资产管理计划	2.26	100	0.00	0
0001	华安证券股份有限公司	00000000	华安证券集合资产管理计划	2.26	100	0.00	0
0001	华安证券股份有限公司	00000000	华安证券集合资产管理计划	2.26	100	0.00	0
0001	华安证券股份有限公司	00000000	华安证券集合资产管理计划	2.26	100	0.00	0
0001	华安证券股份有限公司	00000000	华安证券集合资产管理计划	2.26	100	0.00	0
0001	华安证券股份有限公司	00000000	华安证券集合资产管理计划	2.26	100	0.00	0
0001	华安证券股份有限公司	00000000	华安证券集合资产管理计划	2.26	100	0.00	0
0001	华安证券股份有限公司	00000000	华安证券集合资产管理计划	2.26	100	0.00	0
0001	华安证券股份有限公司	00000000	华安证券集合资产管理计划	2.26	100	0.00	0
0001	华安证券股份有限公司	00000000	华安证券集合资产管理计划	2.26	100	0.00	0
0001	华安证券股份有限公司	00000000	华安证券集合资产管理计划	2.26	100	0.00	0
0001	华安证券股份有限公司	00000000	华安证券集合资产管理计划	2.26	100	0.00	0
0001	华安证券股份有限公司	00000000	华安证券集合资产管理计划	2.26	100	0.00	0
0001	华安证券股份有限公司	00000000	华安证券集合资产管理计划	2.26	100	0.00	0
0001	华安证券股份有限公司	00000000	华安证券集合资产管理计划	2.26	100	0.00	0
0001	华安证券股份有限公司	00000000	华安证券集合资产管理计划	2.26	100	0.00	0
0001	华安证券股份有限公司	00000000	华安证券集合资产管理计划	2.26	100	0.00	0
0001	华安证券股份有限公司	00000000	华安证券集合资产管理计划	2.26	100	0.00	0
0001	华安证券股份有限公司	00000000	华安证券集合资产管理计划	2.26	100	0.00	0
0001	华安证券股份有限公司	00000000	华安证券集合资产管理计划	2.26	100	0.00	0
0001	华安证券股份有限公司	00000000	华安证券集合资产管理计划	2.26	100	0.00	0
0001	华安证券股份有限公司	00000000	华安证券集合资产管理计划	2.26	100	0.00	0
0001	华安证券股份有限公司	00000000	华安证券集合资产管理计划	2.26	100	0.00	0
0001	华安证券股份有限公司	00000000	华安证券集合资产管理计划	2.26	100	0.00	0
0001	华安证券股份有限公司	00000000	华安证券集合资产管理计划	2.26	100	0.00	0
0001	华安证券股份有限公司	00000000	华安证券集合资产管理计划	2.26	100	0.00	0
0001	华安证券股份有限公司	00000000	华安证券集合资产管理计划	2.26	100	0.00	0
0001	华安证券股份有限公司	00000000	华安证券集合资产管理计划	2.26	100	0.00	0
0001	华安证券股份有限公司	00000000	华安证券集合资产管理计划	2.26	100	0.00	0
0001	华安证券股份有限公司	00000000	华安证券集合资产管理计划	2.26	100	0.00	0
0001	华安证券股份有限公司	00000000	华安证券集合资产管理计划	2.26	100	0.00	0
0001	华安证券股份有限公司	00000000	华安证券集合资产管理计划	2.26	100	0.00	0
0001	华安证券股份有限公司	00000000	华安证券集合资产管理计划	2.26	100	0.00	0
0001	华安证券股份有限公司	00000000	华安证券集合资产管理计划	2.26	100	0.00	0
0001	华安证券股份有限公司	00000000	华安证券集合资产管理计划	2.26	100	0.00	0
0001	华安证券股份有限公司	00000000	华安证券集合资产管理计划	2.26	100	0.00	0
0001	华安证券股份有限公司	00000000	华安证券集合资产管理计划	2.26	100	0.00	0
0001	华安证券股份有限公司	00000000	华安证券集合资产管理计划	2.26	100	0.00	0
0001	华安证券股份有限公司	00000000	华安证券集合资产管理计划	2.26	100	0.00	0
0001	华安证券股份有限公司	00000000	华安证券集合资产管理计划	2.26	100	0.00	0
0001	华安证券股份有限公司	00000000	华安证券集合资产管理计划	2.26	100	0.00	0
0001	华安证券股份有限公司	00000000	华安证券集合资产管理计划	2.26	100	0.00	0
0001	华安证券股份有限公司	00000000	华安证券集合资产管理计划	2.26	100	0.00	0
0001	华安证券股份有限公司	00000000	华安证券集合资产管理计划	2.26	100	0.00	0
0001	华安证券股份有限公司	00000000	华安证券集合资产管理计划	2.26	100	0.00	0
0001	华安证券股份有限公司	00000000	华安证券集合资产管理计划	2.26	100	0.00	0
0001	华安证券股份有限公司	00000000	华安证券集合资产管理计划	2.26	100	0.00	0
0001	华安证券股份有限公司	00000000	华安证券集合资产管理计划	2.26	100	0.00	0
0001	华安证券股份有限公司	00000000	华安证券集合资产管理计划	2.26	100	0.00	0
0001	华安证券股份有限公司	00000000	华安证券集合资产管理计划	2.26	100	0.00	0
0001	华安证券股份有限公司	00000000	华安证券集合资产管理计划	2.26	100	0.00	0
0001	华安证券股份有限公司	00000000	华安证券集合资产管理计划	2.26	100	0.00	0
0001	华安证券股份有限公司	00000000	华安证券集合资产管理计划	2.26	100	0.00	0
0001	华安证券股份有限公司	00000000	华安证券集合资产管理计划	2.26	100	0.00	0
0001	华安证券股份有限公司	00000000	华安证券集合资产管理计划	2.26	100	0.00	0
0001	华安证券股份有限公司	00000000	华安证券集合资产管理计划	2.26	100	0.00	0
0001	华安证券股份有限公司	00000000	华安证券集合资产管理计划	2.26	100	0.00	0
0001	华安证券股份有限公司	00000000	华安证券集合资产管理计划	2.26	100	0.00	0
0001	华安证券股份有限公司	00000000	华安证券集合资产管理计划	2.26	100	0.00	0
0001	华安证券股份有限公司	00000000	华安证券集合资产管理计划	2.26	100	0.00	0
0001	华安证券股份有限公司	00000000	华安证券集合资产管理计划	2.26	100	0.00	0
0001	华安证券股份有限公司	00000000	华安证券集合资产管理计划	2.26	100	0.00	0
0001	华安证券股份有限公司	00000000	华安证券集合资产管理计划	2.26	100	0.00	0
0001	华安证券股份有限公司	00000000	华安证券集合资产管理计划	2.26	100	0.00	0
0001	华安证券股份有限公司	00000000	华安证券集合资产管理计划	2.26	100	0.00	0
0001	华安证券股份有限公司	00000000	华安证券集合资产管理计划	2.26	100	0.00	0
0001	华安证券股份有限公司	00000000	华安证券集合资产管理计划	2.26	100	0.00	0
0001	华安证券股份有限公司	00000000	华安证券集合资产管理计划	2.26	100	0.00	0
0001	华安证券股份有限公司	00000000	华安证券集合资产管理计划	2.26	100	0.00	0
0001	华安证券股份有限公司	00000000	华安证券集合资产管理计划	2.26	100	0.00	0
0001	华安证券股份有限公司	00000000	华安证券集合资产管理计划	2.26	100	0.00	0
0001	华安证券股份有限公司	00000000	华安证券集合资产管理计划	2.26	100	0.00	0
0001	华安证券股份有限公司	00000000	华安证券集合资产管理计划	2.26	100	0.00	0
0001	华安证券股份有限公司	00000000	华安证券集合资产管理计划	2.26	100	0.00	0
0001	华安证券股份有限公司	00000000	华安证券集合资产管理计划	2.26	100	0.00	0
0001	华安证券股份有限公司	00000000	华安证券集合资产管理计划	2.26	100	0.00	0
0001	华安证券股份有限公司	00000000	华安证券集合资产管理计划	2.26	100	0.00	0
0001	华安证券股份有限公司	00000000	华安证券集合资产管理计划	2.26	100	0.00	0
0001	华安证券股份有限公司	00000000	华安证券集合资产管理计划	2.26	100	0.00	0
0001	华安证券股份有限公司	00000000	华安证券集合资产管理计划	2.26	100	0.00	0
0001	华安证券股份有限公司	00000000	华安证券集合资产管理计划	2.26	100	0.00	0
0001	华安证券股份有限公司	00000000	华安证券集合资产管理计划	2.26	100	0.00	0
0001	华安证券股份有限公司	00000000	华安证券集合资产管理计划	2.26	100	0.00	0
0001	华安证券股份有限公司	00000000	华安证券集合资产管理计划	2.26	100	0.00	0
0001	华安证券股份有限公司	00000000	华安证券集合资产管理计划	2.26	100	0.00	0
0001	华安证券股份有限公司	00000000	华安证券集合资产管理计划	2.26	100	0.00	0
0001	华安证券股份有限公司	00000000	华安证券集合资产管理计划	2.26	100	0.00	0
0001	华安证券股份有限公司	00000000	华安证券集合资产管理计划	2.26	100	0.00	0
0001	华安证券股份有限公司	00000000	华安证券集合资产管理计划	2.26	100	0.00	0
0001	华安证券股份有限公司	00000000	华安证券集合资产管理计划	2.26	100	0.00	0
0001	华安证券股份有限公司	00000000	华安证券集合资产管理计划	2.26	100	0.00	0
0001	华安证券股份有限公司	00000000	华安证券集合资产管理计划	2.26	100	0.00	0
0001	华安证券股份有限公司	00000000	华安证券集合资产管理计划	2.26	100	0.00	0
0001	华安证券股份有限公司	00000000	华安证券集合资产管理计划	2.26	100	0.00	0
0001	华安证券股份有限公司	00000000	华安证券集合资产管理计划	2.26	100	0.00	0
0001	华安证券股份有限公司	00000000	华安证券集合资产管理计划	2.26	100	0.00	0
0001	华安证券股份有限公司	00000000	华安证券集合资产管理计划	2.26	100	0.00	0
0001	华安证券股份有限公司	00000000	华安证券集合资产管理计划	2.26	100	0.00	0
0001	华安证券股份有限公司	00000000	华安证券集合资产管理计划	2.26	100	0.00	0
